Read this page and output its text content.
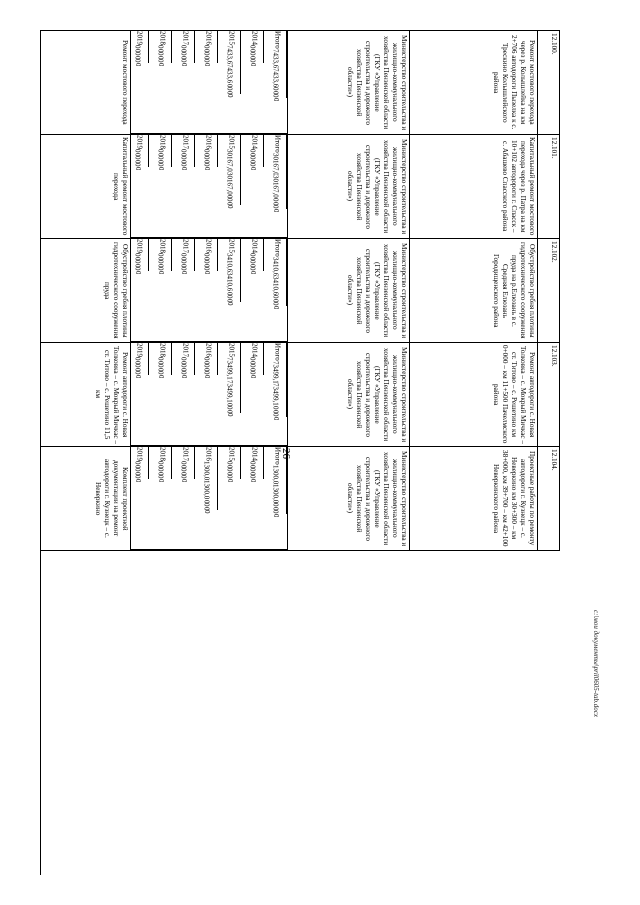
26
12.100.
Ремонт мостового перехода через р. Колышлейка на км 2+706 автодороги Пызелка к с. Трескино Колышлейского района
Министерство строительства и жилищно-коммунального хозяйства Пензенской области (ГКУ «Управление строительства и дорожного хозяйства Пензенской области»)
Итого
7433,6
7433,6
0
0
0
0
2014
0
0
0
0
0
0
2015
7433,6
7433,6
0
0
0
0
2016
0
0
0
0
0
0
2017
0
0
0
0
0
0
2018
0
0
0
0
0
0
2019
0
0
0
0
0
0
Ремонт мостового перехода
12.101.
Капитальный ремонт мостового перехода через р. Патра на км 10+102 автодороги г. Спасск – с. Абашево Спасского района
Министерство строительства и жилищно-коммунального хозяйства Пензенской области (ГКУ «Управление строительства и дорожного хозяйства Пензенской области»)
Итого
30167,0
30167,0
0
0
0
0
2014
0
0
0
0
0
0
2015
30167,0
30167,0
0
0
0
0
2016
0
0
0
0
0
0
2017
0
0
0
0
0
0
2018
0
0
0
0
0
0
2019
0
0
0
0
0
0
Капитальный ремонт мостового перехода
12.102.
Обустройство гребня плотины гидротехнического сооружения пруда на р.Елюзань в с. Средняя Елюзань Городищенского района
Министерство строительства и жилищно-коммунального хозяйства Пензенской области (ГКУ «Управление строительства и дорожного хозяйства Пензенской области»)
Итого
3410,6
3410,6
0
0
0
0
2014
0
0
0
0
0
0
2015
3410,6
3410,6
0
0
0
0
2016
0
0
0
0
0
0
2017
0
0
0
0
0
0
2018
0
0
0
0
0
0
2019
0
0
0
0
0
0
Обустройство гребня плотины гидротехнического сооружения пруда
12.103.
Ремонт автодороги с. Новая Толковка – с. Мокрый Мичкас – ст. Титово – с. Решетино км 0+000 – км 11+500 Пачелмского района
Министерство строительства и жилищно-коммунального хозяйства Пензенской области (ГКУ «Управление строительства и дорожного хозяйства Пензенской области»)
Итого
73499,1
73499,1
0
0
0
0
2014
0
0
0
0
0
0
2015
73499,1
73499,1
0
0
0
0
2016
0
0
0
0
0
0
2017
0
0
0
0
0
0
2018
0
0
0
0
0
0
2019
0
0
0
0
0
0
Ремонт автодороги с. Новая Толковка – с. Мокрый Мичкас – ст. Титово – с. Решетино 11,5 км
12.104.
Проектные работы по ремонту автодороги г. Кузнецк – с. Неверкино км 30+300 – км 38+000, км 39+700 – км 42+100 Неверкинского района
Министерство строительства и жилищно-коммунального хозяйства Пензенской области (ГКУ «Управление строительства и дорожного хозяйства Пензенской области»)
Итого
1300,0
1300,0
0
0
0
0
2014
0
0
0
0
0
0
2015
0
0
0
0
0
0
2016
1300,0
1300,0
0
0
0
0
2017
0
0
0
0
0
0
2018
0
0
0
0
0
0
2019
0
0
0
0
0
0
Комплект проектной документации на ремонт автодороги г. Кузнецк – с. Неверкино
с:\мои документы\pril0605-tab.docx
